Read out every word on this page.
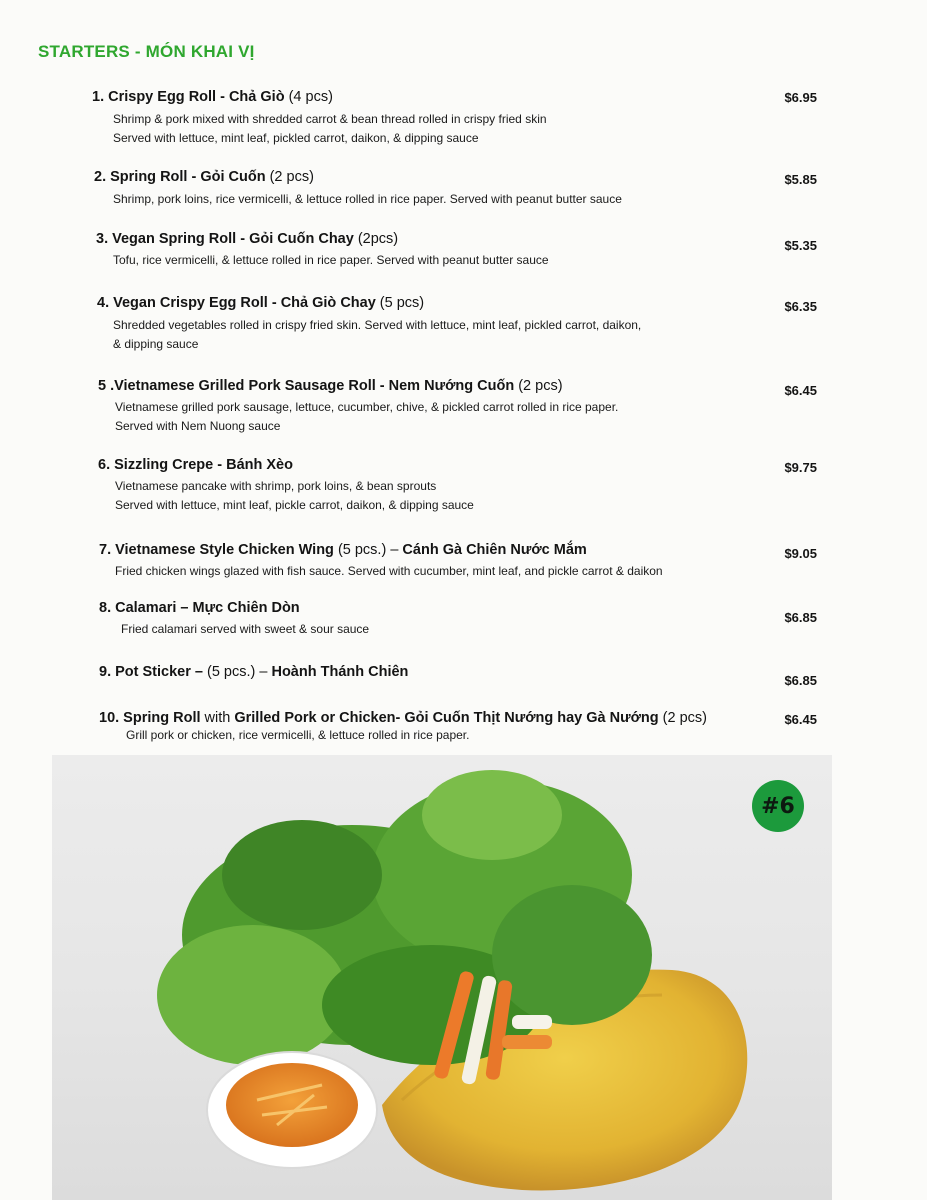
STARTERS - MÓN KHAI VỊ
1. Crispy Egg Roll - Chả Giò (4 pcs)
Shrimp & pork mixed with shredded carrot & bean thread rolled in crispy fried skin
Served with lettuce, mint leaf, pickled carrot, daikon, & dipping sauce
$6.95
2. Spring Roll - Gỏi Cuốn (2 pcs)
Shrimp, pork loins, rice vermicelli, & lettuce rolled in rice paper. Served with peanut butter sauce
$5.85
3. Vegan Spring Roll - Gỏi Cuốn Chay (2pcs)
Tofu, rice vermicelli, & lettuce rolled in rice paper. Served with peanut butter sauce
$5.35
4. Vegan Crispy Egg Roll - Chả Giò Chay (5 pcs)
Shredded vegetables rolled in crispy fried skin. Served with lettuce, mint leaf, pickled carrot, daikon,
& dipping sauce
$6.35
5 .Vietnamese Grilled Pork Sausage Roll - Nem Nướng Cuốn (2 pcs)
Vietnamese grilled pork sausage, lettuce, cucumber, chive, & pickled carrot rolled in rice paper.
Served with Nem Nuong sauce
$6.45
6. Sizzling Crepe - Bánh Xèo
Vietnamese pancake with shrimp, pork loins, & bean sprouts
Served with lettuce, mint leaf, pickle carrot, daikon, & dipping sauce
$9.75
7. Vietnamese Style Chicken Wing (5 pcs.) – Cánh Gà Chiên Nước Mắm
Fried chicken wings glazed with fish sauce. Served with cucumber, mint leaf, and pickle carrot & daikon
$9.05
8. Calamari – Mực Chiên Dòn
Fried calamari served with sweet & sour sauce
$6.85
9. Pot Sticker – (5 pcs.) – Hoành Thánh Chiên
$6.85
10. Spring Roll with Grilled Pork or Chicken- Gỏi Cuốn Thịt Nướng hay Gà Nướng (2 pcs)
Grill pork or chicken, rice vermicelli, & lettuce rolled in rice paper.
$6.45
#6
